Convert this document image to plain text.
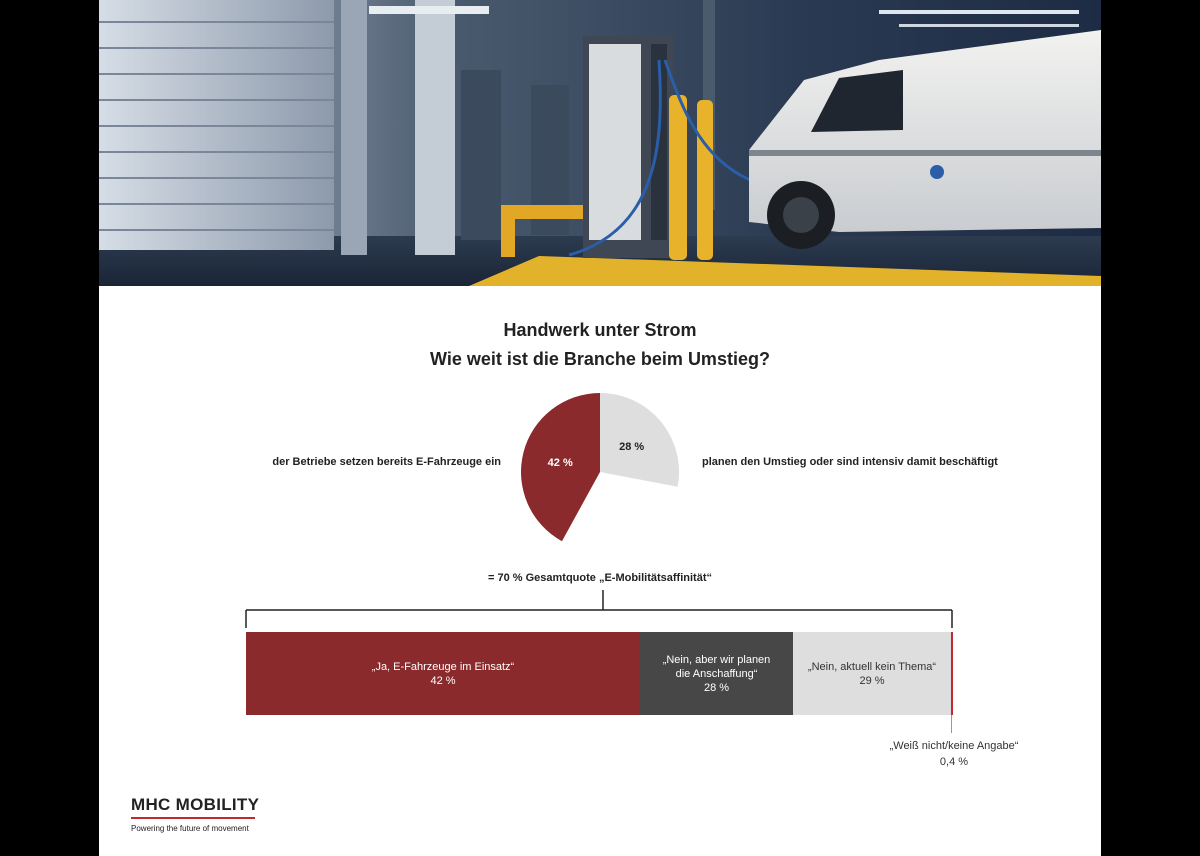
Handwerk unter Strom
Wie weit ist die Branche beim Umstieg?
der Betriebe setzen bereits E-Fahrzeuge ein	planen den Umstieg oder sind intensiv damit beschäftigt
42 %
28 %
= 70 % Gesamtquote „E-Mobilitätsaffinität“
„Ja, E-Fahrzeuge im Einsatz“
42 %
„Nein, aber wir planen
die Anschaffung“
28 %
„Nein, aktuell kein Thema“
29 %
„Weiß nicht/keine Angabe“
0,4 %
MHC MOBILITY
Powering the future of movement
